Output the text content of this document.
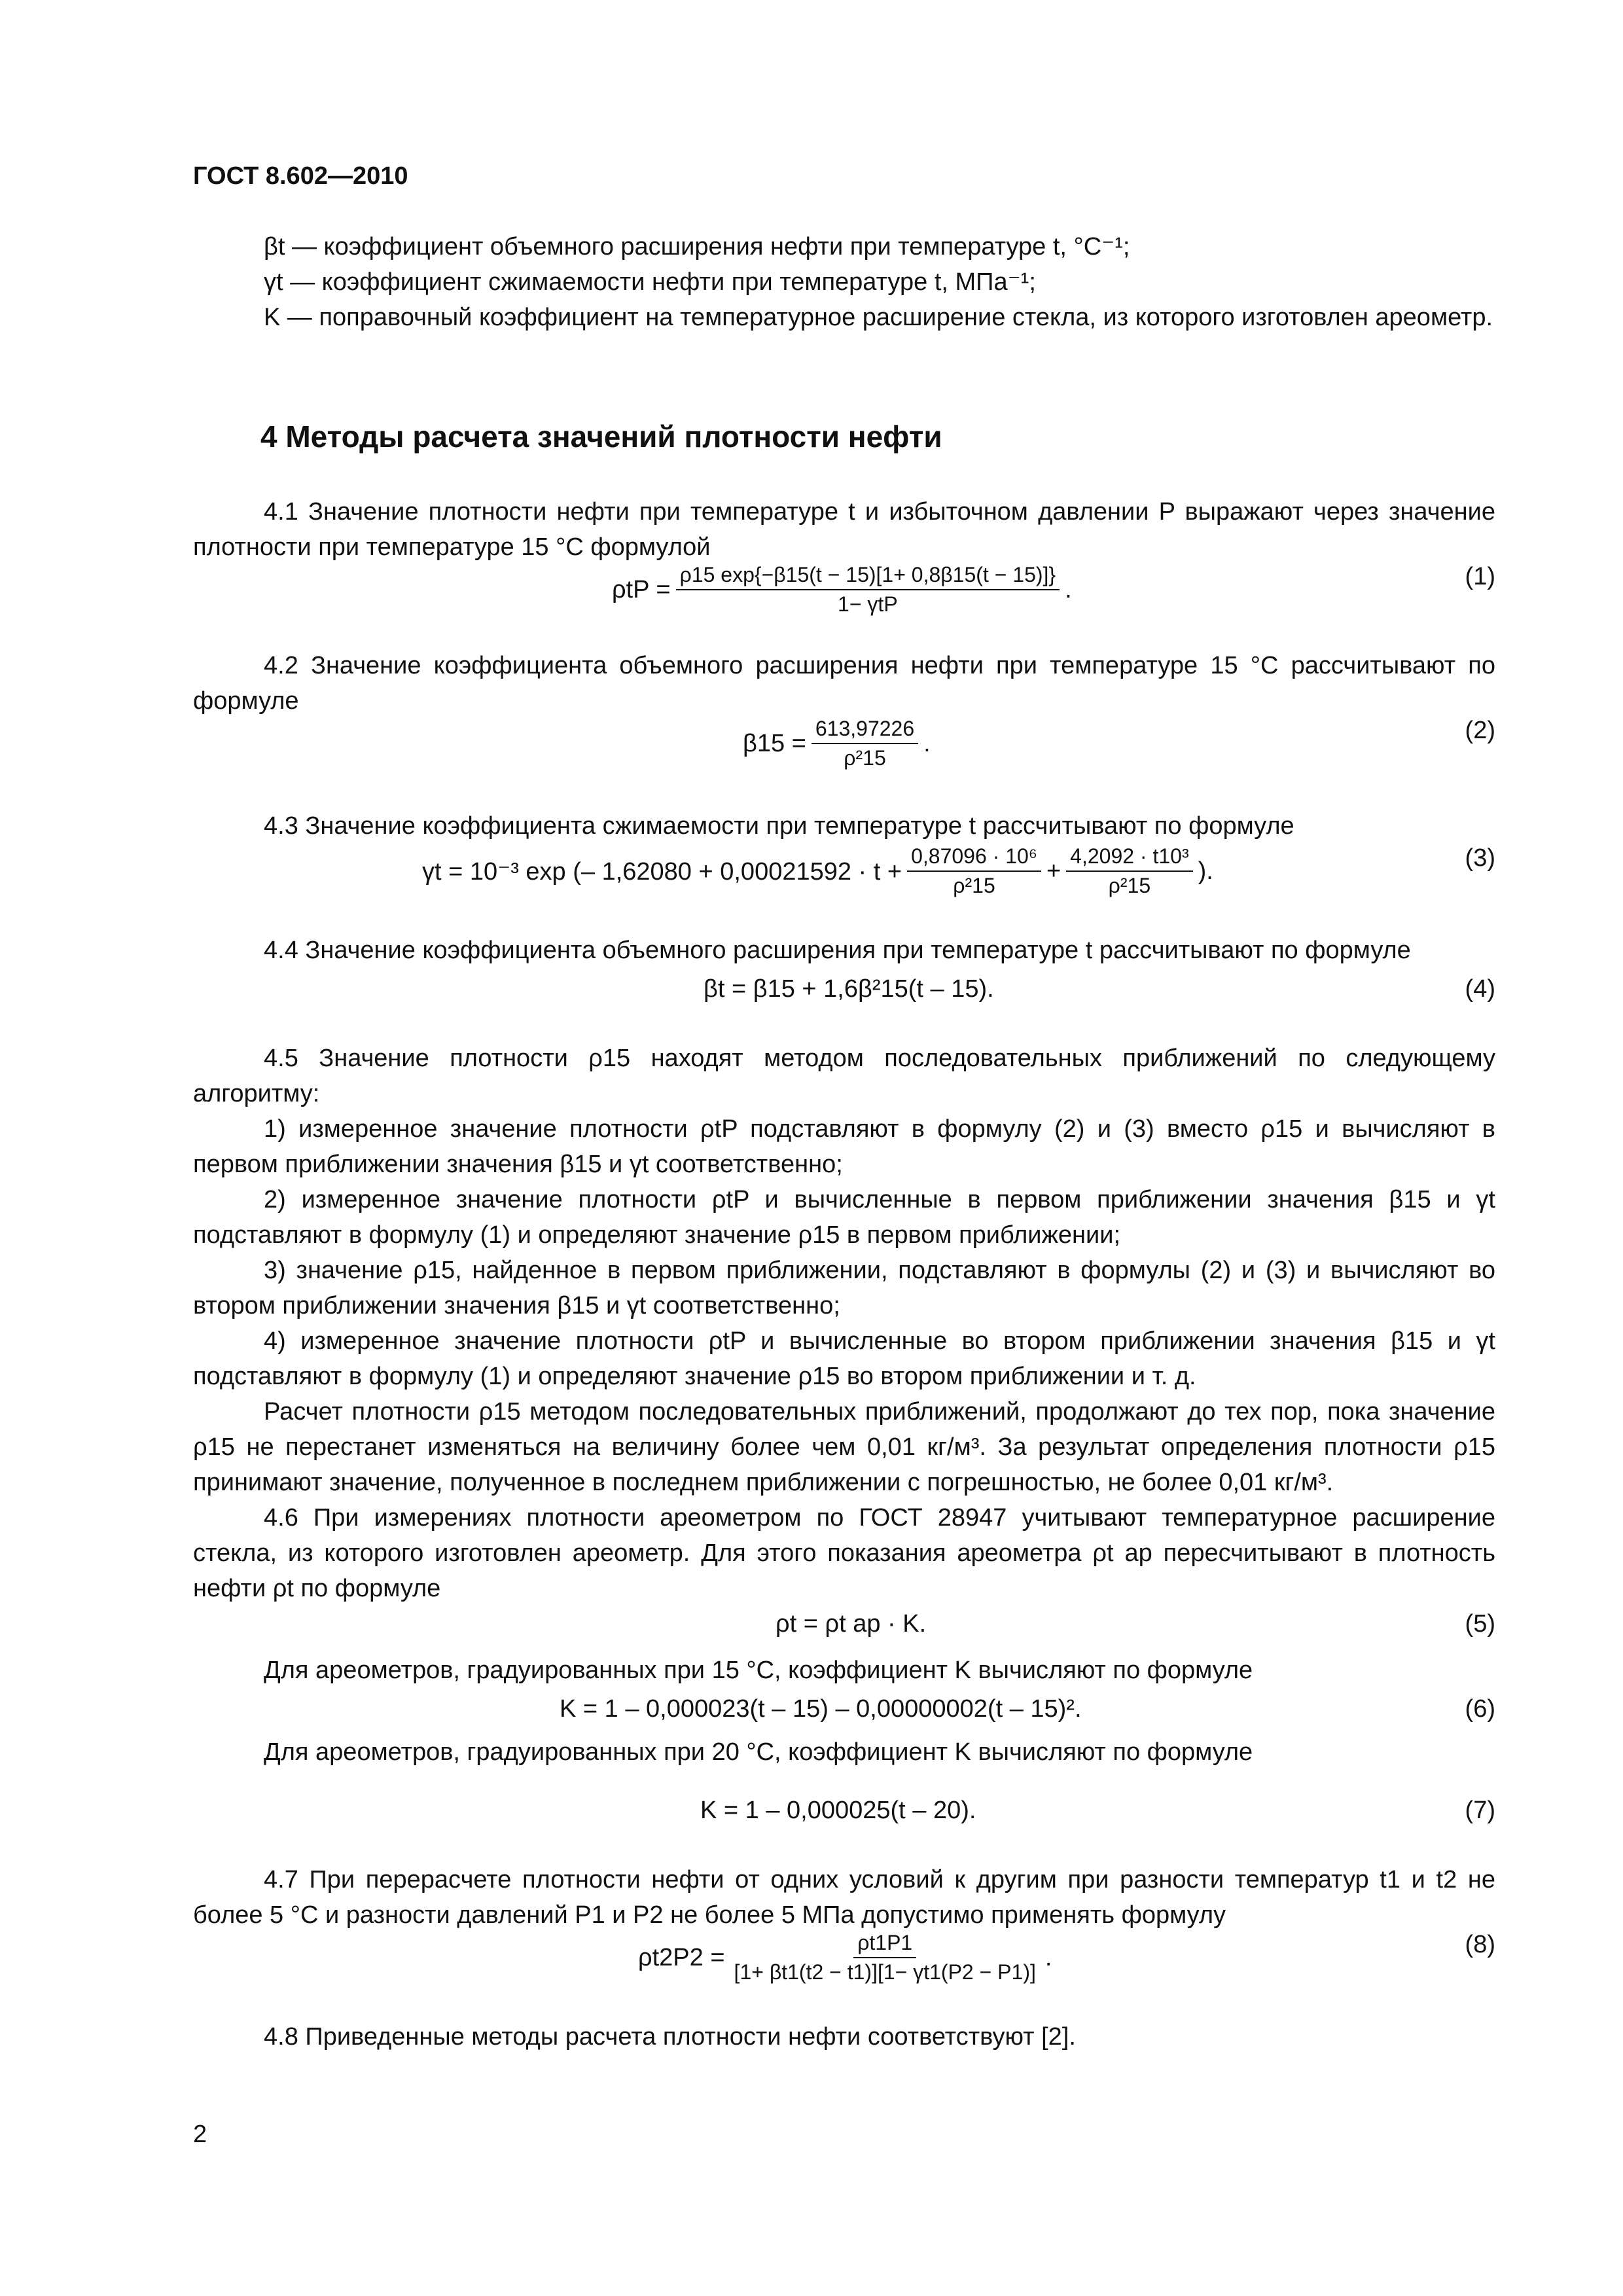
ГОСТ 8.602—2010
βt — коэффициент объемного расширения нефти при температуре t, °С⁻¹;
γt — коэффициент сжимаемости нефти при температуре t, МПа⁻¹;
K — поправочный коэффициент на температурное расширение стекла, из которого изготовлен ареометр.
4 Методы расчета значений плотности нефти
4.1 Значение плотности нефти при температуре t и избыточном давлении P выражают через значение плотности при температуре 15 °С формулой
$\rho tP = \frac{\rho 15 \exp\{-\beta 15(t - 15)[1+ 0,8\beta 15(t - 15)]\}}{\text{1− γtP}}$ .	(1)
4.2 Значение коэффициента объемного расширения нефти при температуре 15 °С рассчитывают по формуле
$\beta 15 = \frac{613,97226}{\text{ρ²15}}$ .	(2)
4.3 Значение коэффициента сжимаемости при температуре t рассчитывают по формуле
γt = 10⁻³ exp (– $1,62080 + 0,00021592 \cdot t + \frac{\text{0,87096 · 10⁶}}{\text{ρ²15}} + \frac{\text{4,2092 · t10³}}{\text{ρ²15}}$ ).	(3)
4.4 Значение коэффициента объемного расширения при температуре t рассчитывают по формуле
βt = β15 + 1,6β²15(t – 15).	(4)
4.5 Значение плотности ρ15 находят методом последовательных приближений по следующему алгоритму:
1) измеренное значение плотности ρtP подставляют в формулу (2) и (3) вместо ρ15 и вычисляют в первом приближении значения β15 и γt соответственно;
2) измеренное значение плотности ρtP и вычисленные в первом приближении значения β15 и γt подставляют в формулу (1) и определяют значение ρ15 в первом приближении;
3) значение ρ15, найденное в первом приближении, подставляют в формулы (2) и (3) и вычисляют во втором приближении значения β15 и γt соответственно;
4) измеренное значение плотности ρtP и вычисленные во втором приближении значения β15 и γt подставляют в формулу (1) и определяют значение ρ15 во втором приближении и т. д.
Расчет плотности ρ15 методом последовательных приближений, продолжают до тех пор, пока значение ρ15 не перестанет изменяться на величину более чем 0,01 кг/м³. За результат определения плотности ρ15 принимают значение, полученное в последнем приближении с погрешностью, не более 0,01 кг/м³.
4.6 При измерениях плотности ареометром по ГОСТ 28947 учитывают температурное расширение стекла, из которого изготовлен ареометр. Для этого показания ареометра ρt ар пересчитывают в плотность нефти ρt по формуле
ρt = ρt ар · K.	(5)
Для ареометров, градуированных при 15 °С, коэффициент K вычисляют по формуле
K = 1 – 0,000023(t – 15) – 0,00000002(t – 15)².	(6)
Для ареометров, градуированных при 20 °С, коэффициент K вычисляют по формуле
K = 1 – 0,000025(t – 20).	(7)
4.7 При перерасчете плотности нефти от одних условий к другим при разности температур t1 и t2 не более 5 °С и разности давлений P1 и P2 не более 5 МПа допустимо применять формулу
$\rho t2P2 = \frac{\rho t1P1}{[1+ \beta t1(t2 - t1)][1- \gamma t1(P2 - P1)]}$ .	(8)
4.8 Приведенные методы расчета плотности нефти соответствуют [2].
2
